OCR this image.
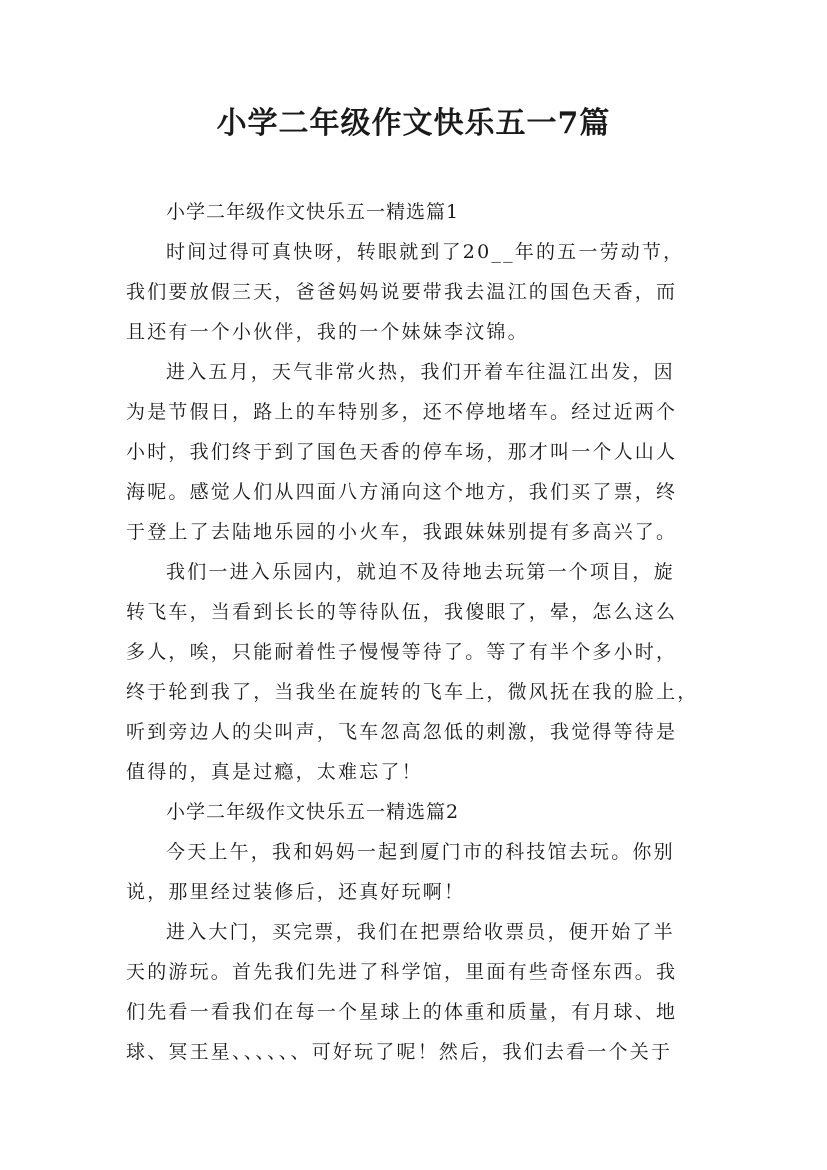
小学二年级作文快乐五一7篇
小学二年级作文快乐五一精选篇1

时间过得可真快呀，转眼就到了20__年的五一劳动节，
我们要放假三天，爸爸妈妈说要带我去温江的国色天香，而
且还有一个小伙伴，我的一个妹妹李汶锦。

进入五月，天气非常火热，我们开着车往温江出发，因
为是节假日，路上的车特别多，还不停地堵车。经过近两个
小时，我们终于到了国色天香的停车场，那才叫一个人山人
海呢。感觉人们从四面八方涌向这个地方，我们买了票，终
于登上了去陆地乐园的小火车，我跟妹妹别提有多高兴了。

我们一进入乐园内，就迫不及待地去玩第一个项目，旋
转飞车，当看到长长的等待队伍，我傻眼了，晕，怎么这么
多人，唉，只能耐着性子慢慢等待了。等了有半个多小时，
终于轮到我了，当我坐在旋转的飞车上，微风抚在我的脸上，
听到旁边人的尖叫声，飞车忽高忽低的刺激，我觉得等待是
值得的，真是过瘾，太难忘了！

小学二年级作文快乐五一精选篇2

今天上午，我和妈妈一起到厦门市的科技馆去玩。你别
说，那里经过装修后，还真好玩啊！

进入大门，买完票，我们在把票给收票员，便开始了半
天的游玩。首先我们先进了科学馆，里面有些奇怪东西。我
们先看一看我们在每一个星球上的体重和质量，有月球、地
球、冥王星、、、、、、可好玩了呢！然后，我们去看一个关于
